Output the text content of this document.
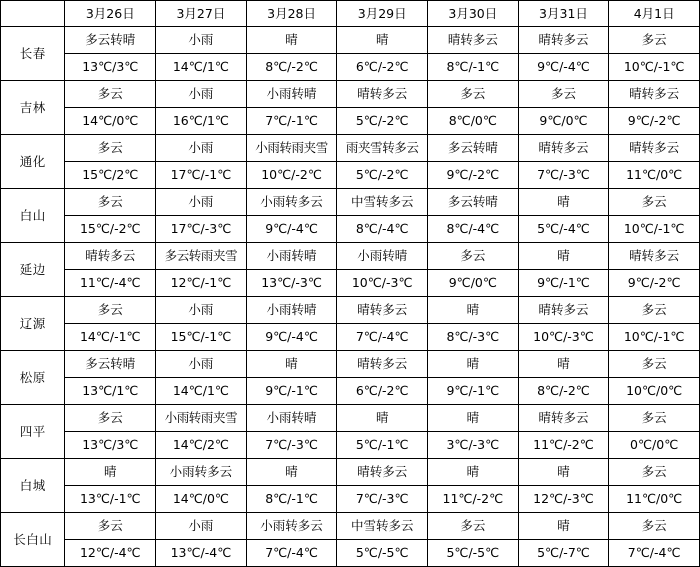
	3月26日	3月27日	3月28日	3月29日	3月30日	3月31日	4月1日
长春	多云转晴	小雨	晴	晴	晴转多云	晴转多云	多云
	13℃/3℃	14℃/1℃	8℃/-2℃	6℃/-2℃	8℃/-1℃	9℃/-4℃	10℃/-1℃
吉林	多云	小雨	小雨转晴	晴转多云	多云	多云	晴转多云
	14℃/0℃	16℃/1℃	7℃/-1℃	5℃/-2℃	8℃/0℃	9℃/0℃	9℃/-2℃
通化	多云	小雨	小雨转雨夹雪	雨夹雪转多云	多云转晴	晴转多云	晴转多云
	15℃/2℃	17℃/-1℃	10℃/-2℃	5℃/-2℃	9℃/-2℃	7℃/-3℃	11℃/0℃
白山	多云	小雨	小雨转多云	中雪转多云	多云转晴	晴	多云
	15℃/-2℃	17℃/-3℃	9℃/-4℃	8℃/-4℃	8℃/-4℃	5℃/-4℃	10℃/-1℃
延边	晴转多云	多云转雨夹雪	小雨转晴	小雨转晴	多云	晴	晴转多云
	11℃/-4℃	12℃/-1℃	13℃/-3℃	10℃/-3℃	9℃/0℃	9℃/-1℃	9℃/-2℃
辽源	多云	小雨	小雨转晴	晴转多云	晴	晴转多云	多云
	14℃/-1℃	15℃/-1℃	9℃/-4℃	7℃/-4℃	8℃/-3℃	10℃/-3℃	10℃/-1℃
松原	多云转晴	小雨	晴	晴转多云	晴	晴	多云
	13℃/1℃	14℃/1℃	9℃/-1℃	6℃/-2℃	9℃/-1℃	8℃/-2℃	10℃/0℃
四平	多云	小雨转雨夹雪	小雨转晴	晴	晴	晴转多云	多云
	13℃/3℃	14℃/2℃	7℃/-3℃	5℃/-1℃	3℃/-3℃	11℃/-2℃	0℃/0℃
白城	晴	小雨转多云	晴	晴转多云	晴	晴	多云
	13℃/-1℃	14℃/0℃	8℃/-1℃	7℃/-3℃	11℃/-2℃	12℃/-3℃	11℃/0℃
长白山	多云	小雨	小雨转多云	中雪转多云	多云	晴	多云
	12℃/-4℃	13℃/-4℃	7℃/-4℃	5℃/-5℃	5℃/-5℃	5℃/-7℃	7℃/-4℃
